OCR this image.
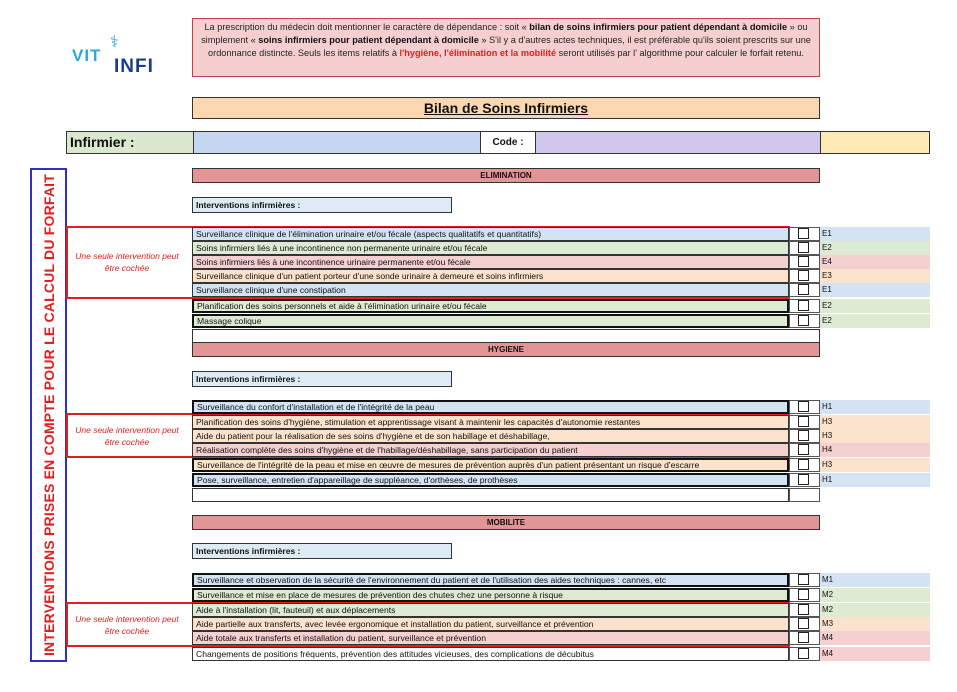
VIT
⚕
INFI
La prescription du médecin doit mentionner le caractère de dépendance : soit « bilan de soins infirmiers pour patient dépendant à domicile » ou simplement « soins infirmiers pour patient dépendant à domicile » S'il y a d'autres actes techniques, il est préférable qu'ils soient prescrits sur une ordonnance distincte. Seuls les items relatifs à l'hygiène, l'élimination et la mobilité seront utilisés par l' algorithme pour calculer le forfait retenu.
Bilan de Soins Infirmiers
Infirmier :	Code :
INTERVENTIONS PRISES EN COMPTE POUR LE CALCUL DU FORFAIT	ELIMINATION
Interventions infirmières :
Une seule intervention peut être cochée
Surveillance clinique de l'élimination urinaire et/ou fécale (aspects qualitatifs et quantitatifs)
Soins infirmiers liés à une incontinence non permanente urinaire et/ou fécale
Soins infirmiers liés à une incontinence urinaire permanente et/ou fécale
Surveillance clinique d'un patient porteur d'une sonde urinaire à demeure et soins infirmiers
Surveillance clinique d'une constipation
Planification des soins personnels et aide à l'élimination urinaire et/ou fécale
Massage colique
E1
E2
E4
E3
E1
E2
E2
HYGIENE
Interventions infirmières :
Une seule intervention peut être cochée
Surveillance du confort d'installation et de l'intégrité de la peau
Planification des soins d'hygiène, stimulation et apprentissage visant à maintenir les capacités d'autonomie restantes
Aide du patient pour la réalisation de ses soins d'hygiène et de son habillage et déshabillage,
Réalisation complète des soins d'hygiène et de l'habillage/déshabillage, sans participation du patient
Surveillance de l'intégrité de la peau et mise en œuvre de mesures de prévention auprès d'un patient présentant un risque d'escarre
Pose, surveillance, entretien d'appareillage de suppléance, d'orthèses, de prothèses
H1
H3
H3
H4
H3
H1
MOBILITE
Interventions infirmières :
Une seule intervention peut être cochée
Surveillance et observation de la sécurité de l'environnement du patient et de l'utilisation des aides techniques : cannes, etc
Surveillance et mise en place de mesures de prévention des chutes chez une personne à risque
Aide à l'installation (lit, fauteuil) et aux déplacements
Aide partielle aux transferts, avec levée ergonomique et installation du patient, surveillance et prévention
Aide totale aux transferts et installation du patient, surveillance et prévention
Changements de positions fréquents, prévention des attitudes vicieuses, des complications de décubitus
M1
M2
M2
M3
M4
M4
